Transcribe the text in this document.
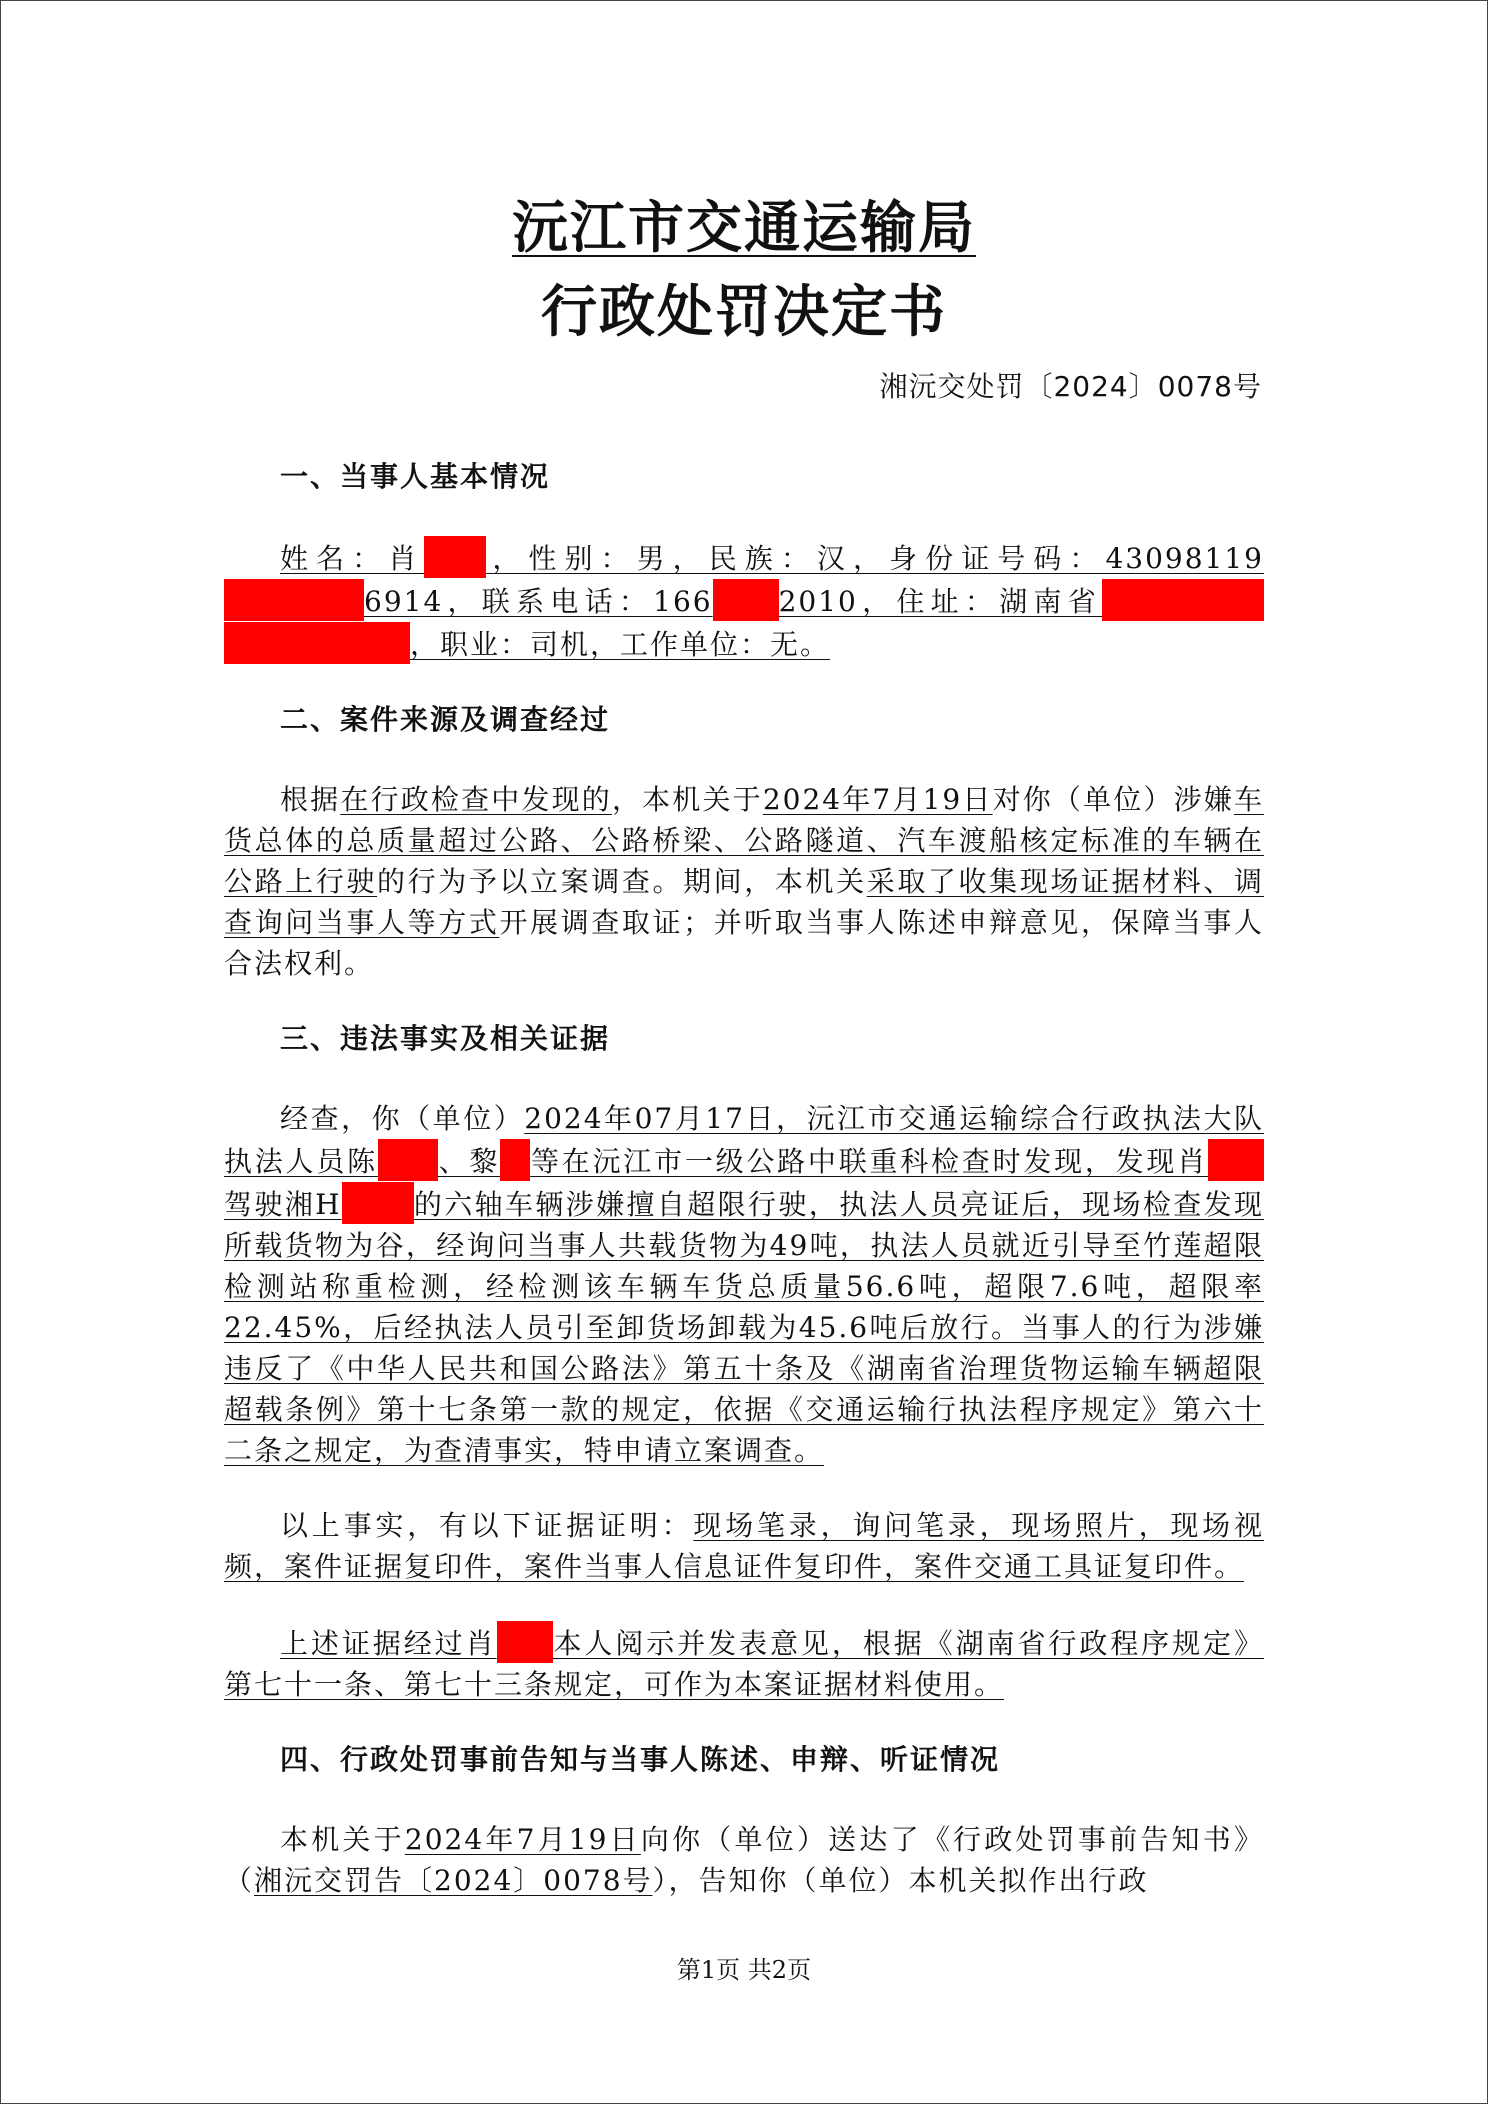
沅江市交通运输局
行政处罚决定书
湘沅交处罚〔2024〕0078号
一、当事人基本情况

姓名：肖 ，性别：男，民族：汉，身份证号码：430981196914，联系电话：166 2010，住址：湖南省，职业：司机，工作单位：无。

二、案件来源及调查经过

根据在行政检查中发现的，本机关于2024年7月19日对你（单位）涉嫌车货总体的总质量超过公路、公路桥梁、公路隧道、汽车渡船核定标准的车辆在公路上行驶的行为予以立案调查。期间，本机关采取了收集现场证据材料、调查询问当事人等方式开展调查取证；并听取当事人陈述申辩意见，保障当事人合法权利。

三、违法事实及相关证据

经查，你（单位）2024年07月17日，沅江市交通运输综合行政执法大队执法人员陈 、黎 等在沅江市一级公路中联重科检查时发现，发现肖驾驶湘H	的六轴车辆涉嫌擅自超限行驶，执法人员亮证后，现场检查发现所载货物为谷，经询问当事人共载货物为49吨，执法人员就近引导至竹莲超限检测站称重检测，经检测该车辆车货总质量56.6吨，超限7.6吨，超限率22.45%，后经执法人员引至卸货场卸载为45.6吨后放行。当事人的行为涉嫌违反了《中华人民共和国公路法》第五十条及《湖南省治理货物运输车辆超限超载条例》第十七条第一款的规定，依据《交通运输行执法程序规定》第六十二条之规定，为查清事实，特申请立案调查。

以上事实，有以下证据证明：现场笔录，询问笔录，现场照片，现场视频，案件证据复印件，案件当事人信息证件复印件，案件交通工具证复印件。

上述证据经过肖 本人阅示并发表意见，根据《湖南省行政程序规定》第七十一条、第七十三条规定，可作为本案证据材料使用。

四、行政处罚事前告知与当事人陈述、申辩、听证情况

本机关于2024年7月19日向你（单位）送达了《行政处罚事前告知书》（湘沅交罚告〔2024〕0078号），告知你（单位）本机关拟作出行政

第1页 共2页
